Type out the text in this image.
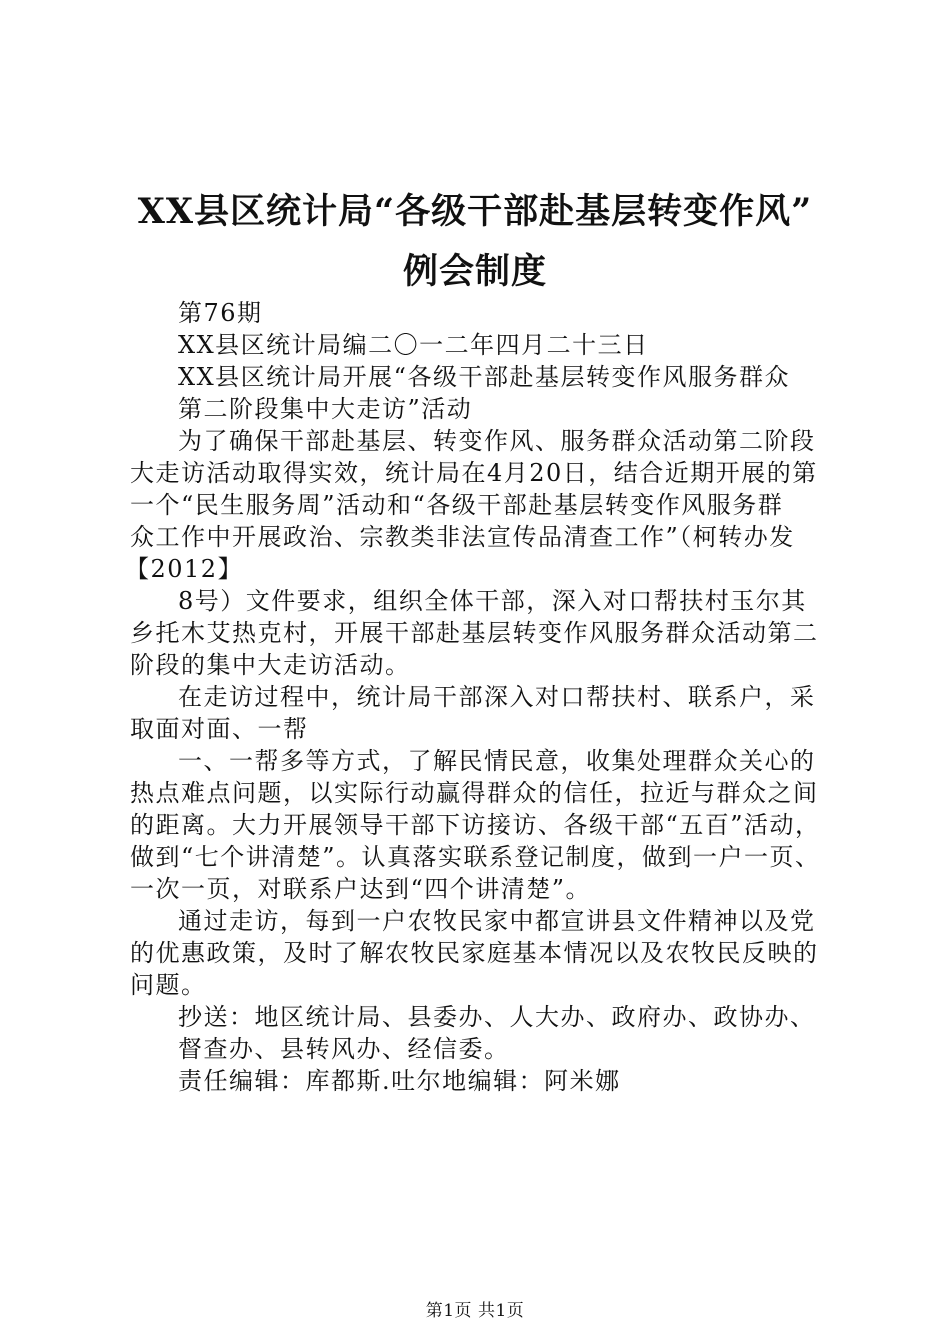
XX县区统计局“各级干部赴基层转变作风”
例会制度
第76期
XX县区统计局编二〇一二年四月二十三日
XX县区统计局开展“各级干部赴基层转变作风服务群众
第二阶段集中大走访”活动
为了确保干部赴基层、转变作风、服务群众活动第二阶段
大走访活动取得实效，统计局在4月20日，结合近期开展的第
一个“民生服务周”活动和“各级干部赴基层转变作风服务群
众工作中开展政治、宗教类非法宣传品清查工作”（柯转办发
【2012】
8号）文件要求，组织全体干部，深入对口帮扶村玉尔其
乡托木艾热克村，开展干部赴基层转变作风服务群众活动第二
阶段的集中大走访活动。
在走访过程中，统计局干部深入对口帮扶村、联系户，采
取面对面、一帮
一、一帮多等方式，了解民情民意，收集处理群众关心的
热点难点问题，以实际行动赢得群众的信任，拉近与群众之间
的距离。大力开展领导干部下访接访、各级干部“五百”活动，
做到“七个讲清楚”。认真落实联系登记制度，做到一户一页、
一次一页，对联系户达到“四个讲清楚”。
通过走访，每到一户农牧民家中都宣讲县文件精神以及党
的优惠政策，及时了解农牧民家庭基本情况以及农牧民反映的
问题。
抄送：地区统计局、县委办、人大办、政府办、政协办、
督查办、县转风办、经信委。
责任编辑：库都斯.吐尔地编辑：阿米娜
第1页 共1页
